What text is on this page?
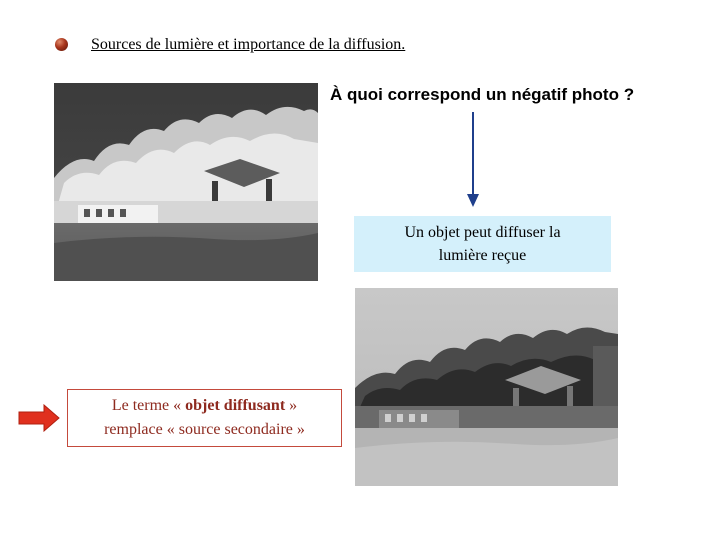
Sources de lumière et importance de la diffusion.
À quoi correspond un négatif photo ?
Un objet peut diffuser la lumière reçue
Le terme « objet diffusant »
remplace « source secondaire »
